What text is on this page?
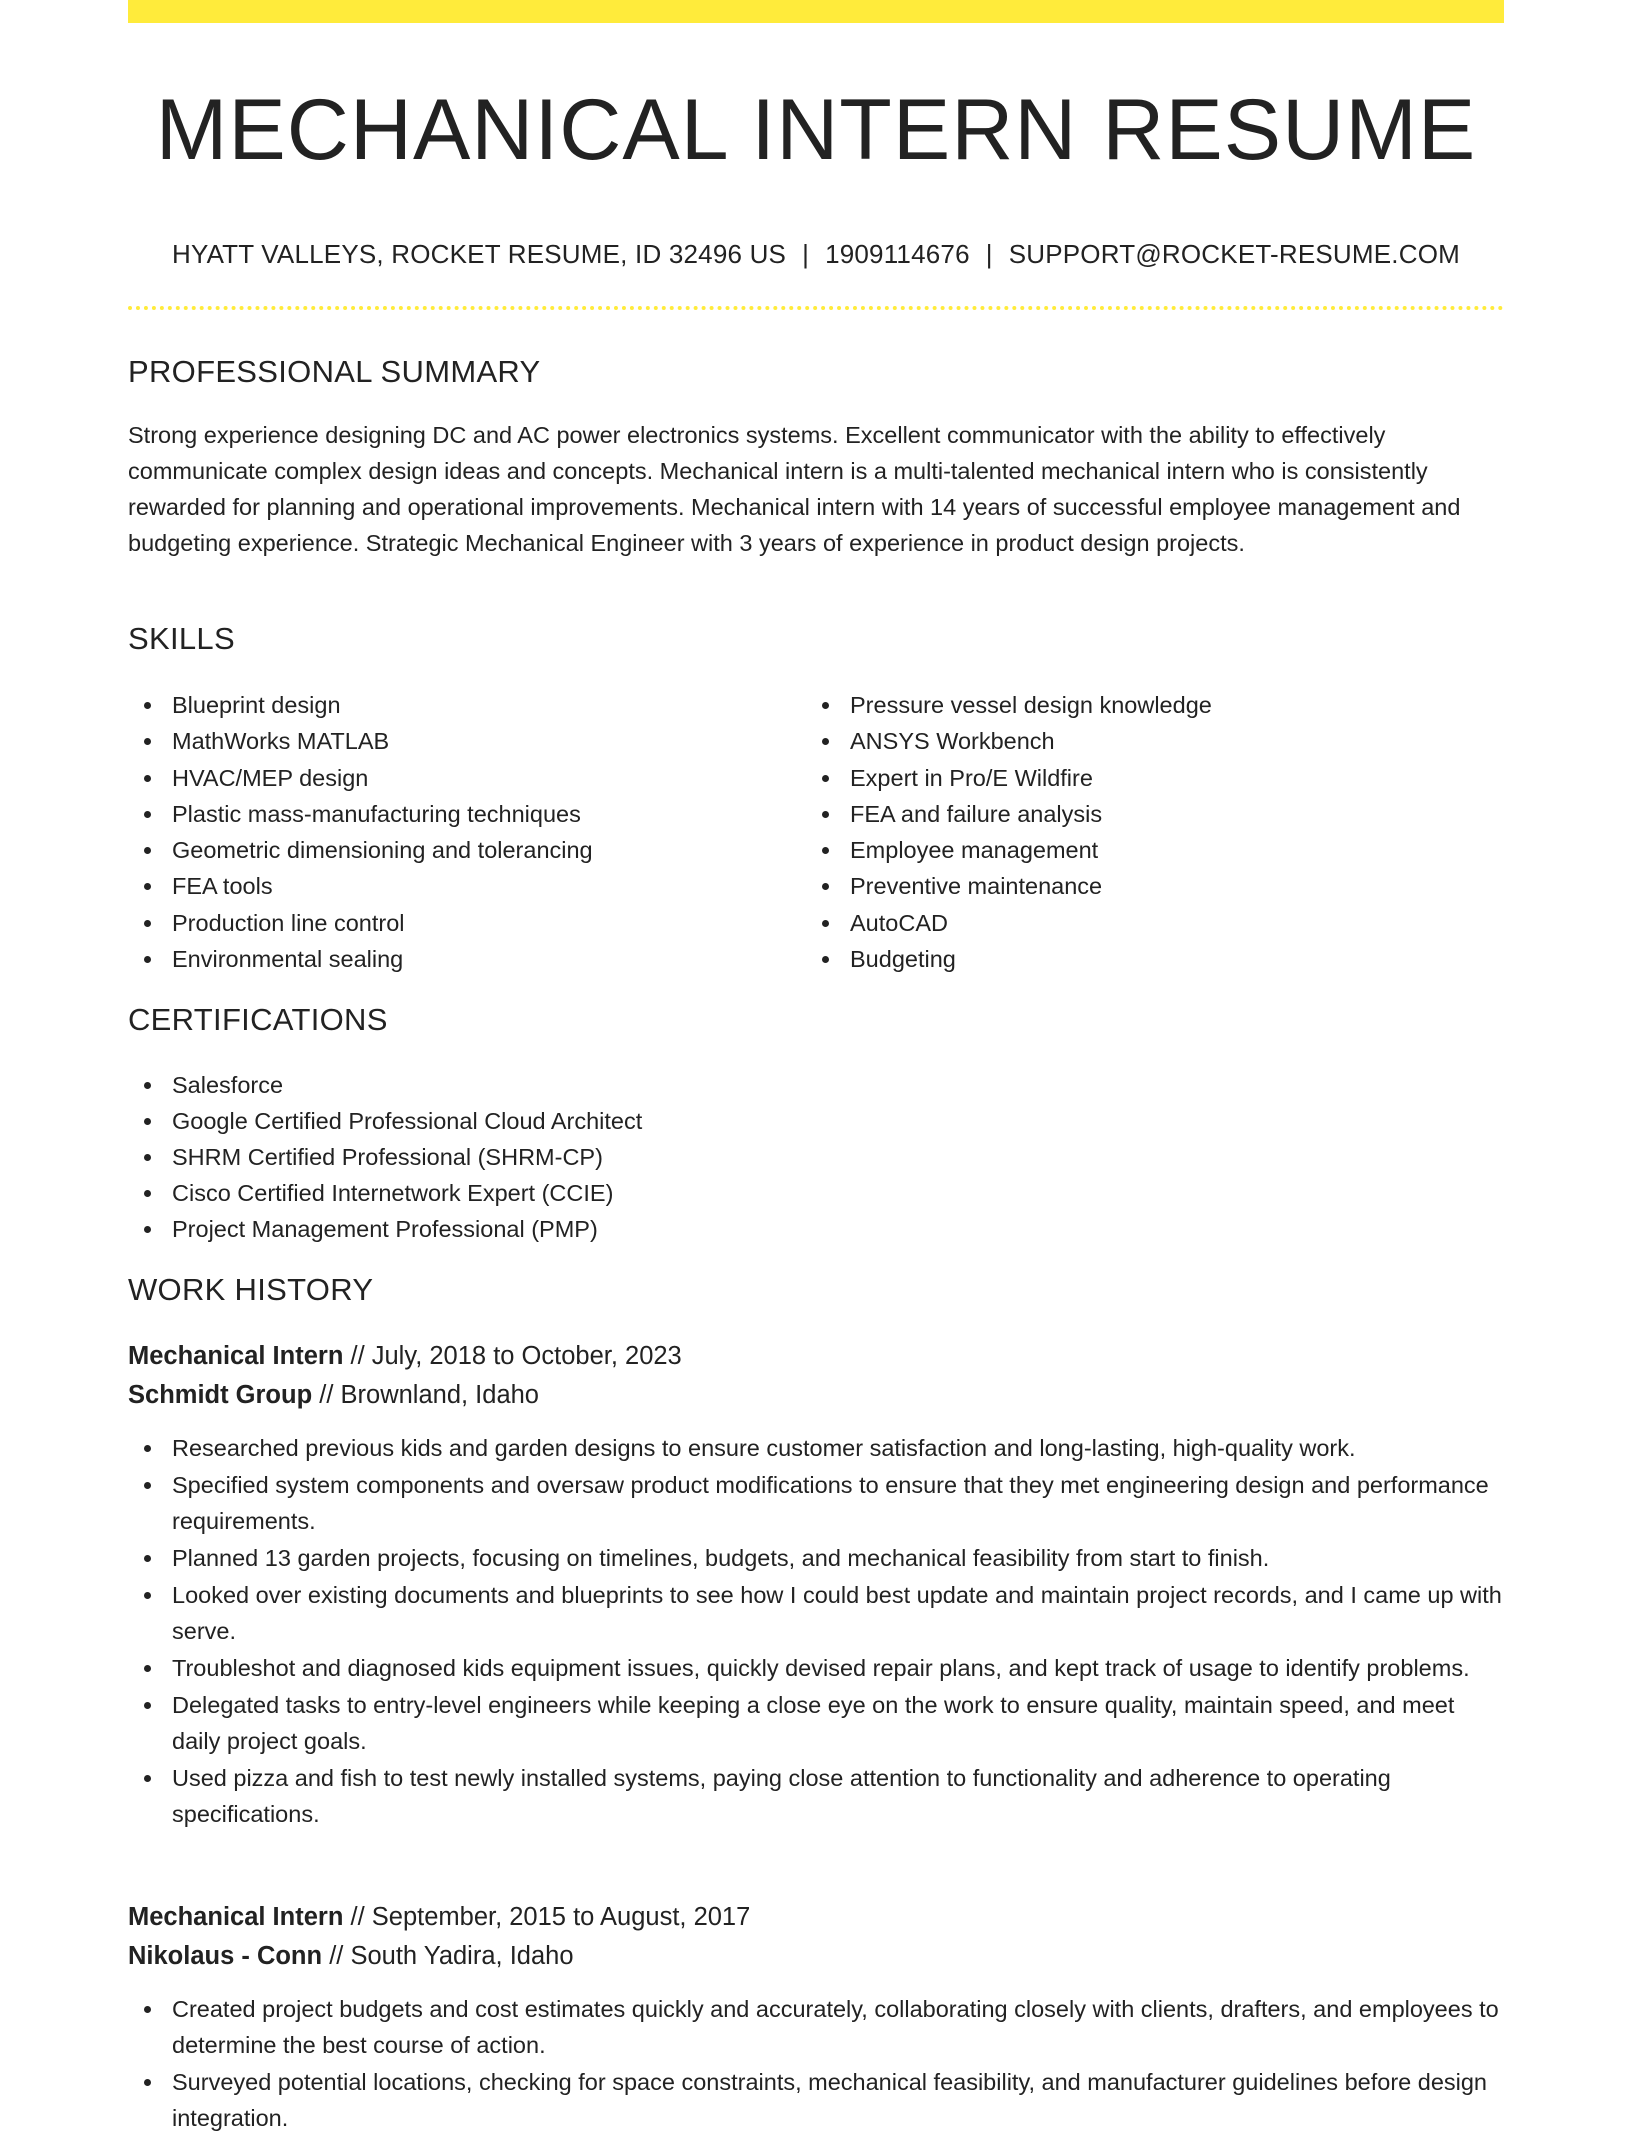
MECHANICAL INTERN RESUME
HYATT VALLEYS, ROCKET RESUME, ID 32496 US | 1909114676 | SUPPORT@ROCKET-RESUME.COM
PROFESSIONAL SUMMARY

Strong experience designing DC and AC power electronics systems. Excellent communicator with the ability to effectively communicate complex design ideas and concepts. Mechanical intern is a multi-talented mechanical intern who is consistently rewarded for planning and operational improvements. Mechanical intern with 14 years of successful employee management and budgeting experience. Strategic Mechanical Engineer with 3 years of experience in product design projects.

SKILLS
Blueprint design
MathWorks MATLAB
HVAC/MEP design
Plastic mass-manufacturing techniques
Geometric dimensioning and tolerancing
FEA tools
Production line control
Environmental sealing
Pressure vessel design knowledge
ANSYS Workbench
Expert in Pro/E Wildfire
FEA and failure analysis
Employee management
Preventive maintenance
AutoCAD
Budgeting
CERTIFICATIONS
Salesforce
Google Certified Professional Cloud Architect
SHRM Certified Professional (SHRM-CP)
Cisco Certified Internetwork Expert (CCIE)
Project Management Professional (PMP)
WORK HISTORY
Mechanical Intern // July, 2018 to October, 2023
Schmidt Group // Brownland, Idaho
Researched previous kids and garden designs to ensure customer satisfaction and long-lasting, high-quality work.
Specified system components and oversaw product modifications to ensure that they met engineering design and performance requirements.
Planned 13 garden projects, focusing on timelines, budgets, and mechanical feasibility from start to finish.
Looked over existing documents and blueprints to see how I could best update and maintain project records, and I came up with serve.
Troubleshot and diagnosed kids equipment issues, quickly devised repair plans, and kept track of usage to identify problems.
Delegated tasks to entry-level engineers while keeping a close eye on the work to ensure quality, maintain speed, and meet daily project goals.
Used pizza and fish to test newly installed systems, paying close attention to functionality and adherence to operating specifications.
Mechanical Intern // September, 2015 to August, 2017
Nikolaus - Conn // South Yadira, Idaho
Created project budgets and cost estimates quickly and accurately, collaborating closely with clients, drafters, and employees to determine the best course of action.
Surveyed potential locations, checking for space constraints, mechanical feasibility, and manufacturer guidelines before design integration.
